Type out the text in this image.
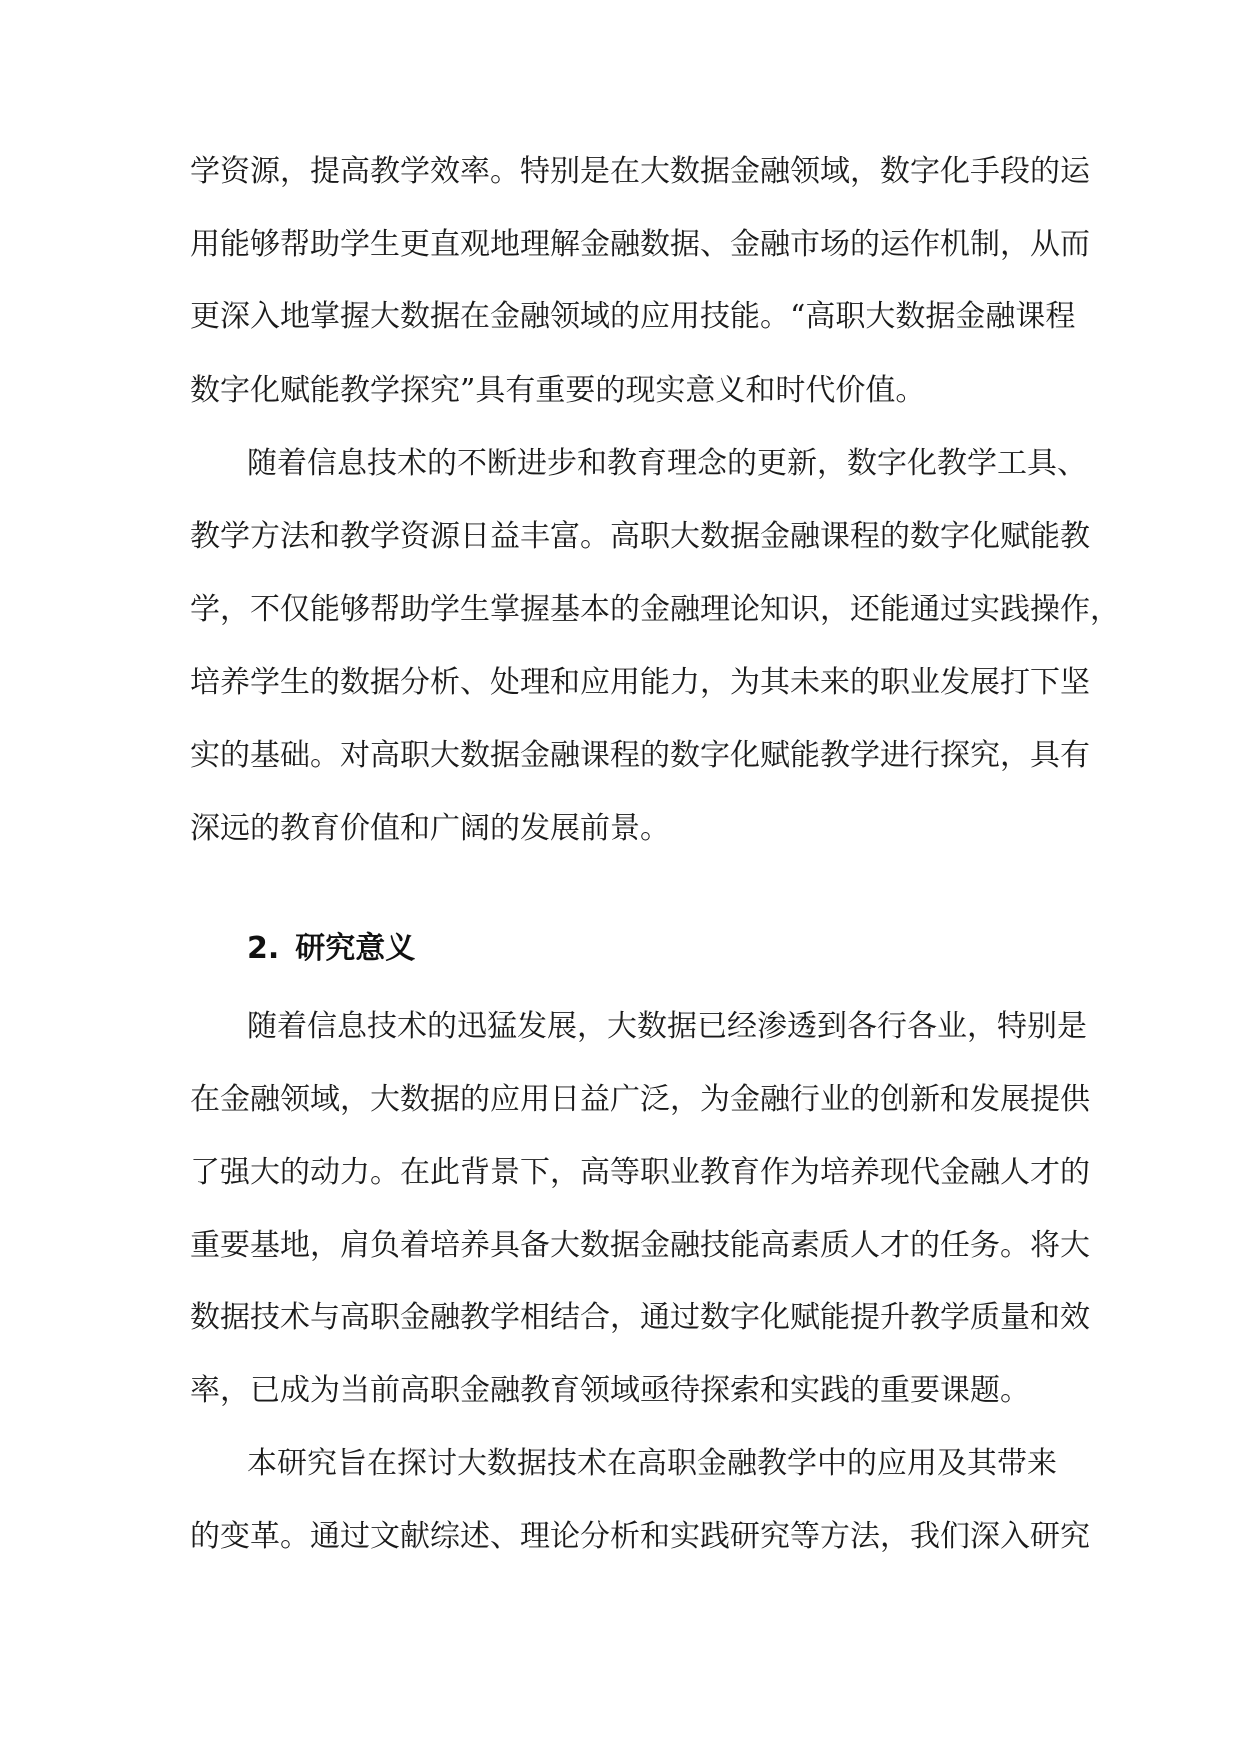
学资源，提高教学效率。特别是在大数据金融领域，数字化手段的运

用能够帮助学生更直观地理解金融数据、金融市场的运作机制，从而

更深入地掌握大数据在金融领域的应用技能。“高职大数据金融课程

数字化赋能教学探究”具有重要的现实意义和时代价值。

随着信息技术的不断进步和教育理念的更新，数字化教学工具、

教学方法和教学资源日益丰富。高职大数据金融课程的数字化赋能教

学，不仅能够帮助学生掌握基本的金融理论知识，还能通过实践操作，

培养学生的数据分析、处理和应用能力，为其未来的职业发展打下坚

实的基础。对高职大数据金融课程的数字化赋能教学进行探究，具有

深远的教育价值和广阔的发展前景。

2. 研究意义

随着信息技术的迅猛发展，大数据已经渗透到各行各业，特别是

在金融领域，大数据的应用日益广泛，为金融行业的创新和发展提供

了强大的动力。在此背景下，高等职业教育作为培养现代金融人才的

重要基地，肩负着培养具备大数据金融技能高素质人才的任务。将大

数据技术与高职金融教学相结合，通过数字化赋能提升教学质量和效

率，已成为当前高职金融教育领域亟待探索和实践的重要课题。

本研究旨在探讨大数据技术在高职金融教学中的应用及其带来

的变革。通过文献综述、理论分析和实践研究等方法，我们深入研究
